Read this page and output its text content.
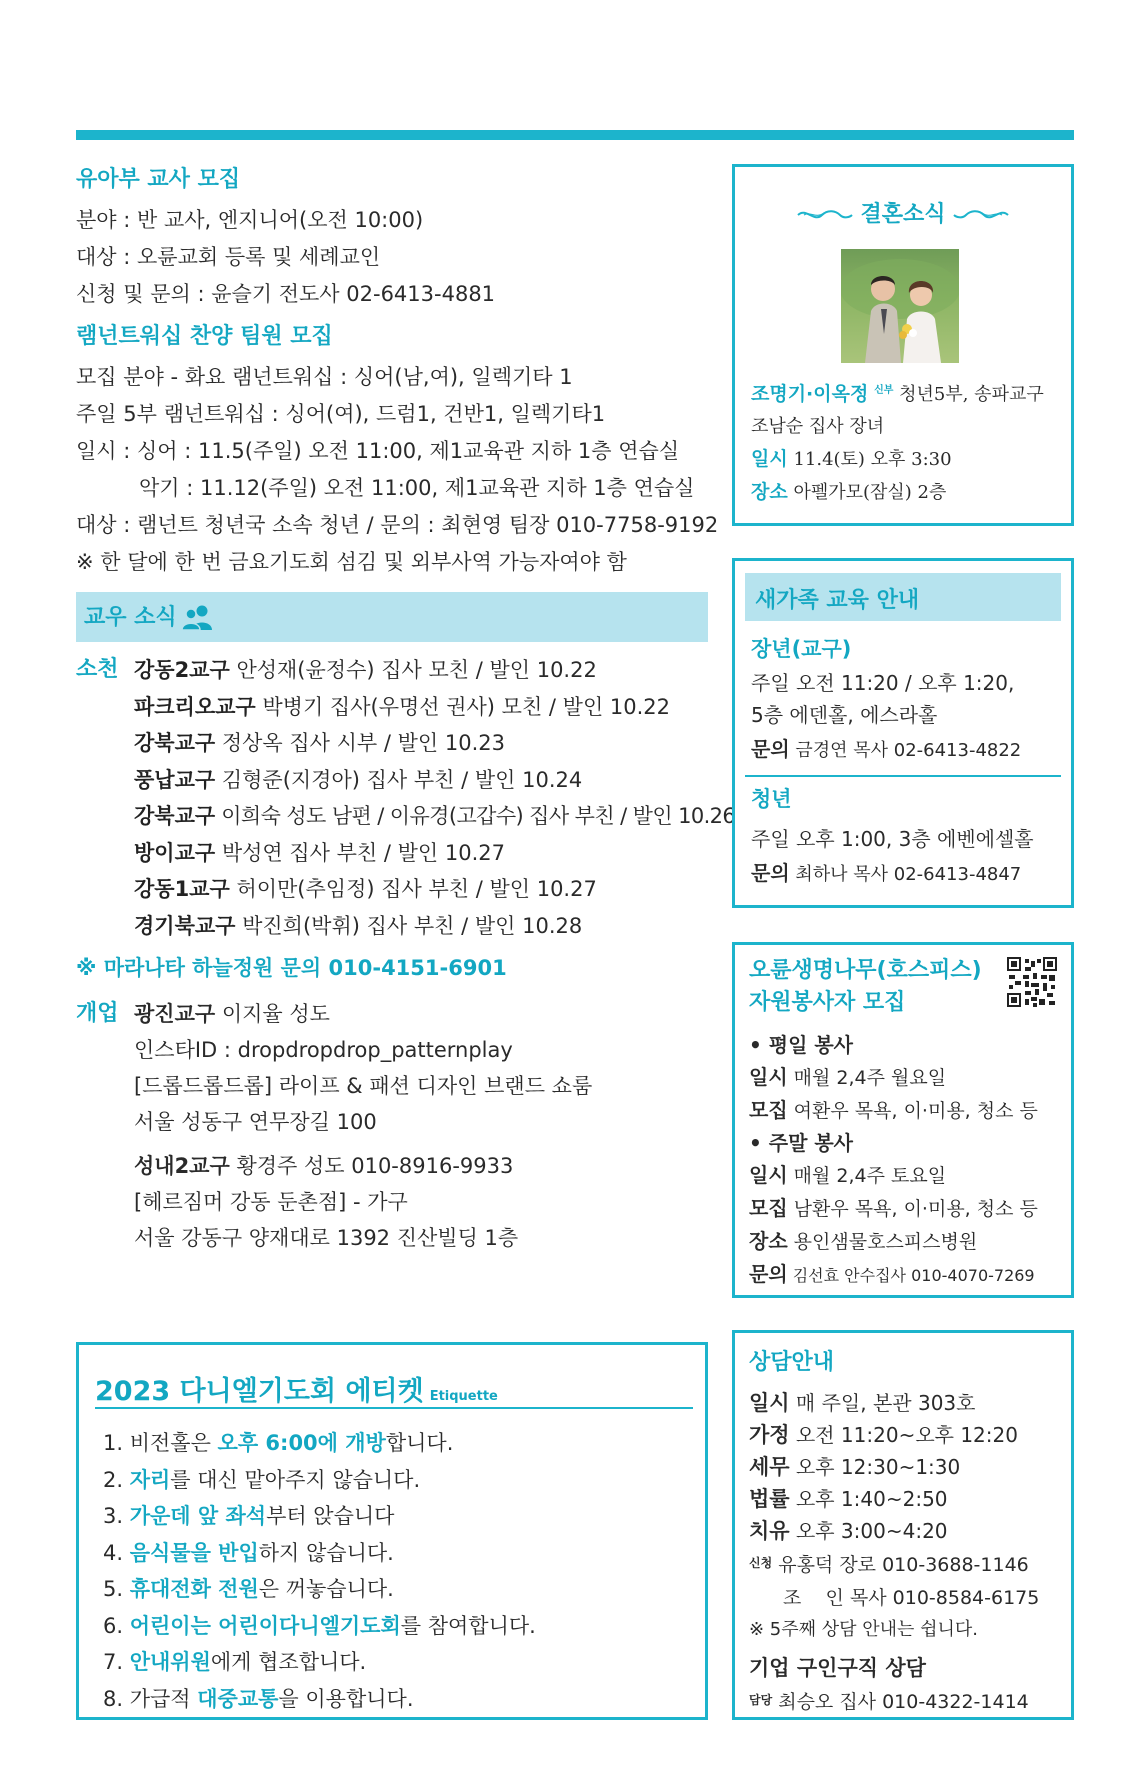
유아부 교사 모집
분야 : 반 교사, 엔지니어(오전 10:00)
대상 : 오륜교회 등록 및 세례교인
신청 및 문의 : 윤슬기 전도사 02-6413-4881
램넌트워십 찬양 팀원 모집
모집 분야 - 화요 램넌트워십 : 싱어(남,여), 일렉기타 1
주일 5부 램넌트워십 : 싱어(여), 드럼1, 건반1, 일렉기타1
일시 : 싱어 : 11.5(주일) 오전 11:00, 제1교육관 지하 1층 연습실
악기 : 11.12(주일) 오전 11:00, 제1교육관 지하 1층 연습실
대상 : 램넌트 청년국 소속 청년 / 문의 : 최현영 팀장 010-7758-9192
※ 한 달에 한 번 금요기도회 섬김 및 외부사역 가능자여야 함
교우 소식
소천 강동2교구 안성재(윤정수) 집사 모친 / 발인 10.22
파크리오교구 박병기 집사(우명선 권사) 모친 / 발인 10.22
강북교구 정상옥 집사 시부 / 발인 10.23
풍납교구 김형준(지경아) 집사 부친 / 발인 10.24
강북교구 이희숙 성도 남편 / 이유경(고갑수) 집사 부친 / 발인 10.26
방이교구 박성연 집사 부친 / 발인 10.27
강동1교구 허이만(추임정) 집사 부친 / 발인 10.27
경기북교구 박진희(박휘) 집사 부친 / 발인 10.28
※ 마라나타 하늘정원 문의 010-4151-6901
개업 광진교구 이지율 성도
인스타ID : dropdropdrop_patternplay
[드롭드롭드롭] 라이프 & 패션 디자인 브랜드 쇼룸
서울 성동구 연무장길 100
성내2교구 황경주 성도 010-8916-9933
[헤르짐머 강동 둔촌점] - 가구
서울 강동구 양재대로 1392 진산빌딩 1층
2023 다니엘기도회 에티켓 Etiquette
1. 비전홀은 오후 6:00에 개방합니다.
2. 자리를 대신 맡아주지 않습니다.
3. 가운데 앞 좌석부터 앉습니다
4. 음식물을 반입하지 않습니다.
5. 휴대전화 전원은 꺼놓습니다.
6. 어린이는 어린이다니엘기도회를 참여합니다.
7. 안내위원에게 협조합니다.
8. 가급적 대중교통을 이용합니다.
결혼소식
조명기·이옥정 $^{신부}$ 청년5부, 송파교구
조남순 집사 장녀
일시 11.4(토) 오후 3:30
장소 아펠가모(잠실) 2층
새가족 교육 안내
장년(교구)
주일 오전 11:20 / 오후 1:20,
5층 에덴홀, 에스라홀
문의 금경연 목사 02-6413-4822
청년
주일 오후 1:00, 3층 에벤에셀홀
문의 최하나 목사 02-6413-4847
오륜생명나무(호스피스)
자원봉사자 모집
• 평일 봉사
일시 매월 2,4주 월요일
모집 여환우 목욕, 이·미용, 청소 등
• 주말 봉사
일시 매월 2,4주 토요일
모집 남환우 목욕, 이·미용, 청소 등
장소 용인샘물호스피스병원
문의 김선효 안수집사 010-4070-7269
상담안내
일시 매 주일, 본관 303호
가정 오전 11:20~오후 12:20
세무 오후 12:30~1:30
법률 오후 1:40~2:50
치유 오후 3:00~4:20
$^{신청}$ 유홍덕 장로 010-3688-1146
조    인 목사 010-8584-6175
※ 5주째 상담 안내는 쉽니다.
기업 구인구직 상담
$^{담당}$ 최승오 집사 010-4322-1414
